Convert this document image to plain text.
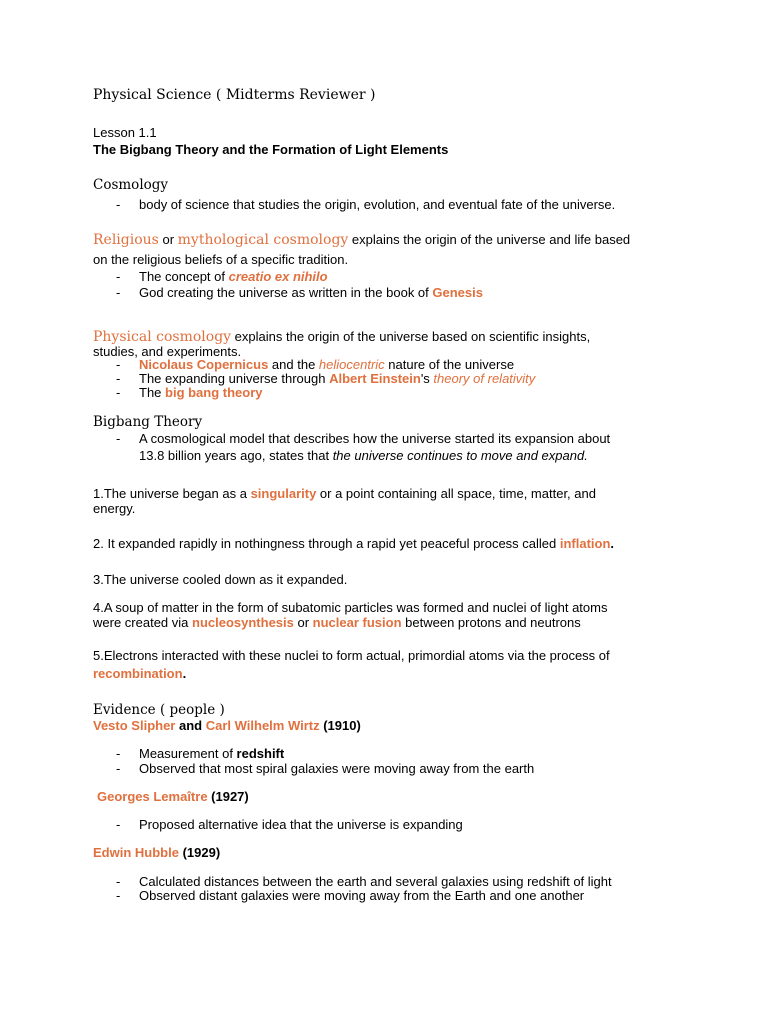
Physical Science ( Midterms Reviewer )
Lesson 1.1
The Bigbang Theory and the Formation of Light Elements
Cosmology
-	body of science that studies the origin, evolution, and eventual fate of the universe.
Religious or mythological cosmology explains the origin of the universe and life based
on the religious beliefs of a specific tradition.
-	The concept of creatio ex nihilo
-	God creating the universe as written in the book of Genesis
Physical cosmology explains the origin of the universe based on scientific insights,
studies, and experiments.
-	Nicolaus Copernicus and the heliocentric nature of the universe
-	The expanding universe through Albert Einstein's theory of relativity
-	The big bang theory
Bigbang Theory
-	A cosmological model that describes how the universe started its expansion about
13.8 billion years ago, states that the universe continues to move and expand.
1.The universe began as a singularity or a point containing all space, time, matter, and
energy.
2. It expanded rapidly in nothingness through a rapid yet peaceful process called inflation.
3.The universe cooled down as it expanded.
4.A soup of matter in the form of subatomic particles was formed and nuclei of light atoms
were created via nucleosynthesis or nuclear fusion between protons and neutrons
5.Electrons interacted with these nuclei to form actual, primordial atoms via the process of
recombination.
Evidence ( people )
Vesto Slipher and Carl Wilhelm Wirtz (1910)
-	Measurement of redshift
-	Observed that most spiral galaxies were moving away from the earth
Georges Lemaître (1927)
-	Proposed alternative idea that the universe is expanding
Edwin Hubble (1929)
-	Calculated distances between the earth and several galaxies using redshift of light
-	Observed distant galaxies were moving away from the Earth and one another
